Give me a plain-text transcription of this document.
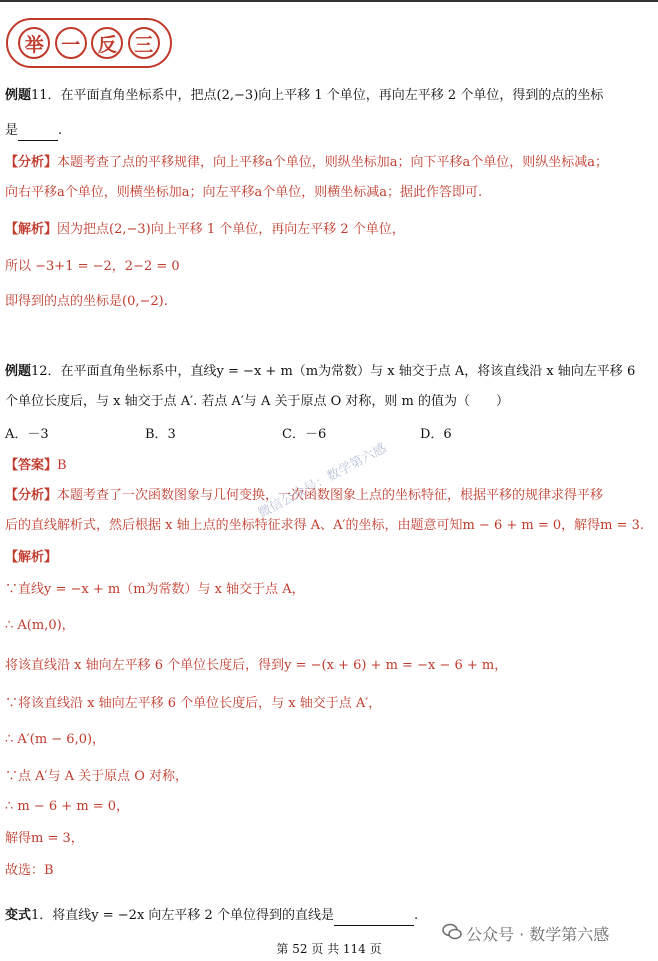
举 一 反 三
例题11．在平面直角坐标系中，把点(2,−3)向上平移 1 个单位，再向左平移 2 个单位，得到的点的坐标
是	.
【分析】本题考查了点的平移规律，向上平移a个单位，则纵坐标加a；向下平移a个单位，则纵坐标减a；
向右平移a个单位，则横坐标加a；向左平移a个单位，则横坐标减a；据此作答即可.
【解析】因为把点(2,−3)向上平移 1 个单位，再向左平移 2 个单位，
所以 −3+1 = −2，2−2 = 0
即得到的点的坐标是(0,−2).
例题12．在平面直角坐标系中，直线y = −x + m（m为常数）与 x 轴交于点 A，将该直线沿 x 轴向左平移 6
个单位长度后，与 x 轴交于点 A′. 若点 A′与 A 关于原点 O 对称，则 m 的值为（　　）
A．－3	B．3	C．－6	D．6
【答案】B
【分析】本题考查了一次函数图象与几何变换，一次函数图象上点的坐标特征，根据平移的规律求得平移
后的直线解析式，然后根据 x 轴上点的坐标特征求得 A、A′的坐标，由题意可知m − 6 + m = 0，解得m = 3.
【解析】
∵直线y = −x + m（m为常数）与 x 轴交于点 A，
∴ A(m,0)，
将该直线沿 x 轴向左平移 6 个单位长度后，得到y = −(x + 6) + m = −x − 6 + m，
∵将该直线沿 x 轴向左平移 6 个单位长度后，与 x 轴交于点 A′，
∴ A′(m − 6,0)，
∵点 A′与 A 关于原点 O 对称，
∴ m − 6 + m = 0，
解得m = 3，
故选：B
变式1．将直线y = −2x 向左平移 2 个单位得到的直线是	.
微信公众号：数学第六感
公众号 · 数学第六感
第 52 页 共 114 页
